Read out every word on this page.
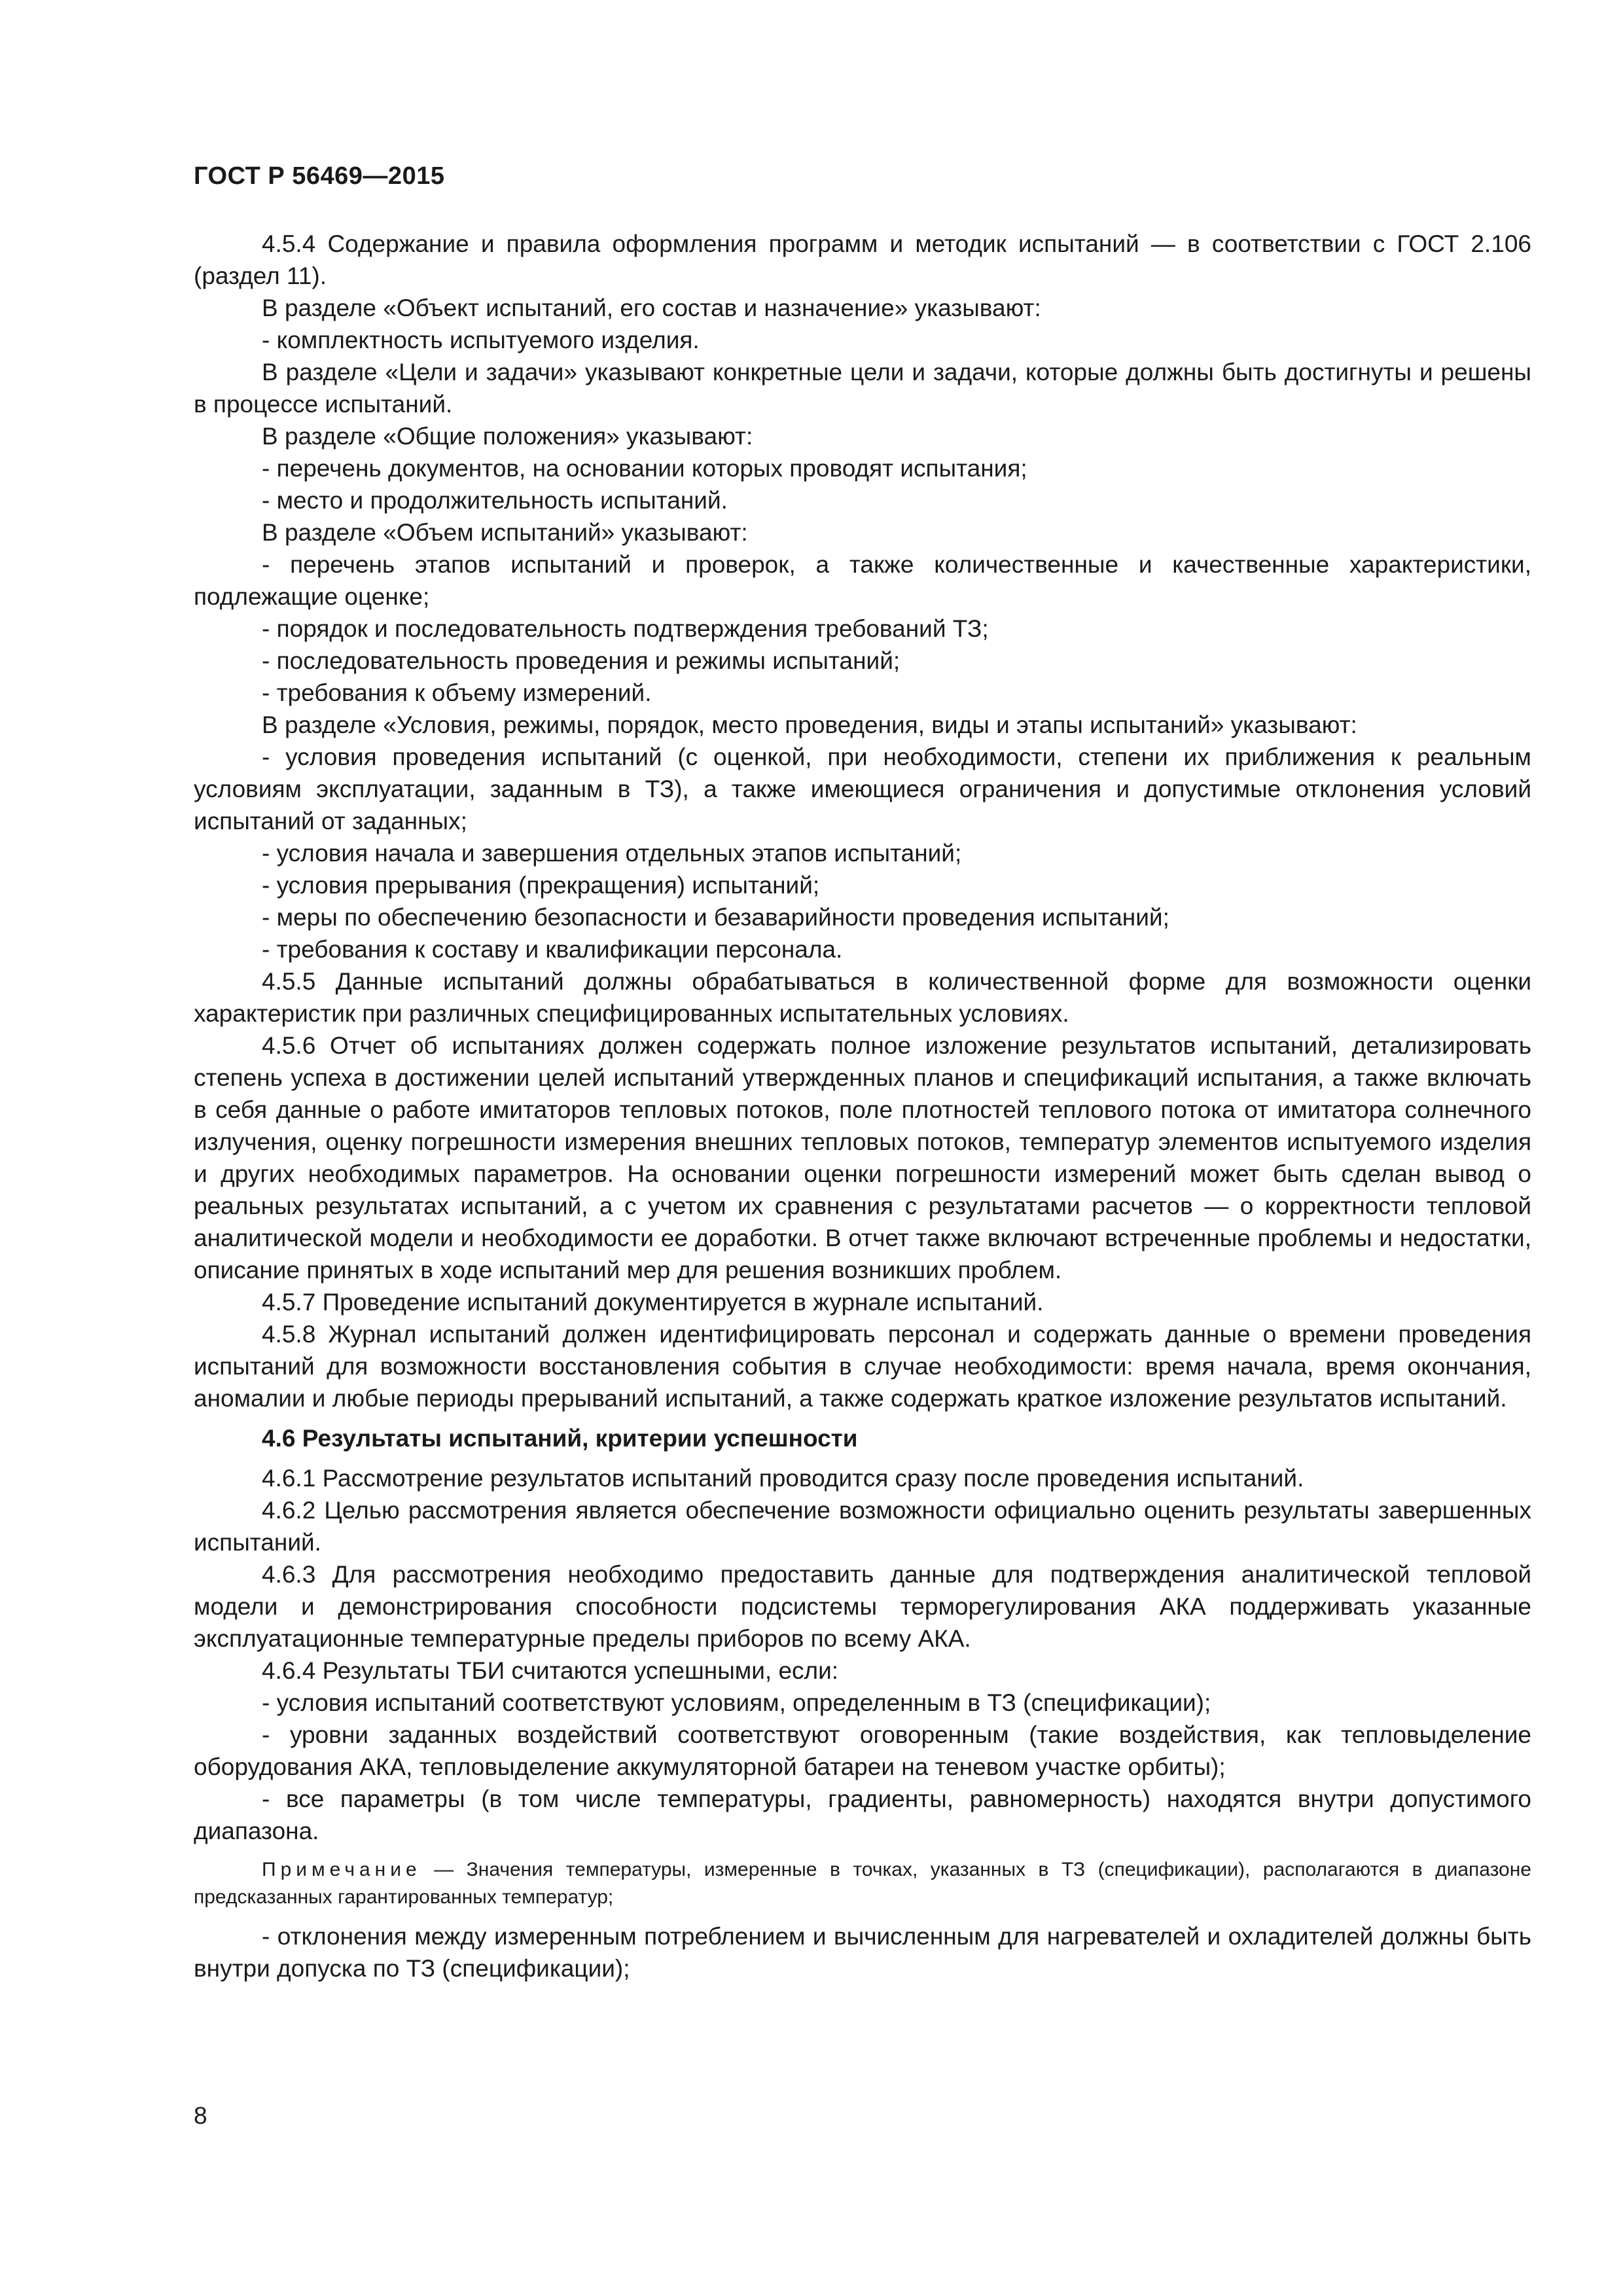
ГОСТ Р 56469—2015

4.5.4 Содержание и правила оформления программ и методик испытаний — в соответствии с ГОСТ 2.106 (раздел 11).

В разделе «Объект испытаний, его состав и назначение» указывают:

- комплектность испытуемого изделия.

В разделе «Цели и задачи» указывают конкретные цели и задачи, которые должны быть достигнуты и решены в процессе испытаний.

В разделе «Общие положения» указывают:

- перечень документов, на основании которых проводят испытания;

- место и продолжительность испытаний.

В разделе «Объем испытаний» указывают:

- перечень этапов испытаний и проверок, а также количественные и качественные характеристики, подлежащие оценке;

- порядок и последовательность подтверждения требований ТЗ;

- последовательность проведения и режимы испытаний;

- требования к объему измерений.

В разделе «Условия, режимы, порядок, место проведения, виды и этапы испытаний» указывают:

- условия проведения испытаний (с оценкой, при необходимости, степени их приближения к реальным условиям эксплуатации, заданным в ТЗ), а также имеющиеся ограничения и допустимые отклонения условий испытаний от заданных;

- условия начала и завершения отдельных этапов испытаний;

- условия прерывания (прекращения) испытаний;

- меры по обеспечению безопасности и безаварийности проведения испытаний;

- требования к составу и квалификации персонала.

4.5.5 Данные испытаний должны обрабатываться в количественной форме для возможности оценки характеристик при различных специфицированных испытательных условиях.

4.5.6 Отчет об испытаниях должен содержать полное изложение результатов испытаний, детализировать степень успеха в достижении целей испытаний утвержденных планов и спецификаций испытания, а также включать в себя данные о работе имитаторов тепловых потоков, поле плотностей теплового потока от имитатора солнечного излучения, оценку погрешности измерения внешних тепловых потоков, температур элементов испытуемого изделия и других необходимых параметров. На основании оценки погрешности измерений может быть сделан вывод о реальных результатах испытаний, а с учетом их сравнения с результатами расчетов — о корректности тепловой аналитической модели и необходимости ее доработки. В отчет также включают встреченные проблемы и недостатки, описание принятых в ходе испытаний мер для решения возникших проблем.

4.5.7 Проведение испытаний документируется в журнале испытаний.

4.5.8 Журнал испытаний должен идентифицировать персонал и содержать данные о времени проведения испытаний для возможности восстановления события в случае необходимости: время начала, время окончания, аномалии и любые периоды прерываний испытаний, а также содержать краткое изложение результатов испытаний.

4.6 Результаты испытаний, критерии успешности

4.6.1 Рассмотрение результатов испытаний проводится сразу после проведения испытаний.

4.6.2 Целью рассмотрения является обеспечение возможности официально оценить результаты завершенных испытаний.

4.6.3 Для рассмотрения необходимо предоставить данные для подтверждения аналитической тепловой модели и демонстрирования способности подсистемы терморегулирования АКА поддерживать указанные эксплуатационные температурные пределы приборов по всему АКА.

4.6.4 Результаты ТБИ считаются успешными, если:

- условия испытаний соответствуют условиям, определенным в ТЗ (спецификации);

- уровни заданных воздействий соответствуют оговоренным (такие воздействия, как тепловыделение оборудования АКА, тепловыделение аккумуляторной батареи на теневом участке орбиты);

- все параметры (в том числе температуры, градиенты, равномерность) находятся внутри допустимого диапазона.

Примечание — Значения температуры, измеренные в точках, указанных в ТЗ (спецификации), располагаются в диапазоне предсказанных гарантированных температур;

- отклонения между измеренным потреблением и вычисленным для нагревателей и охладителей должны быть внутри допуска по ТЗ (спецификации);

8
